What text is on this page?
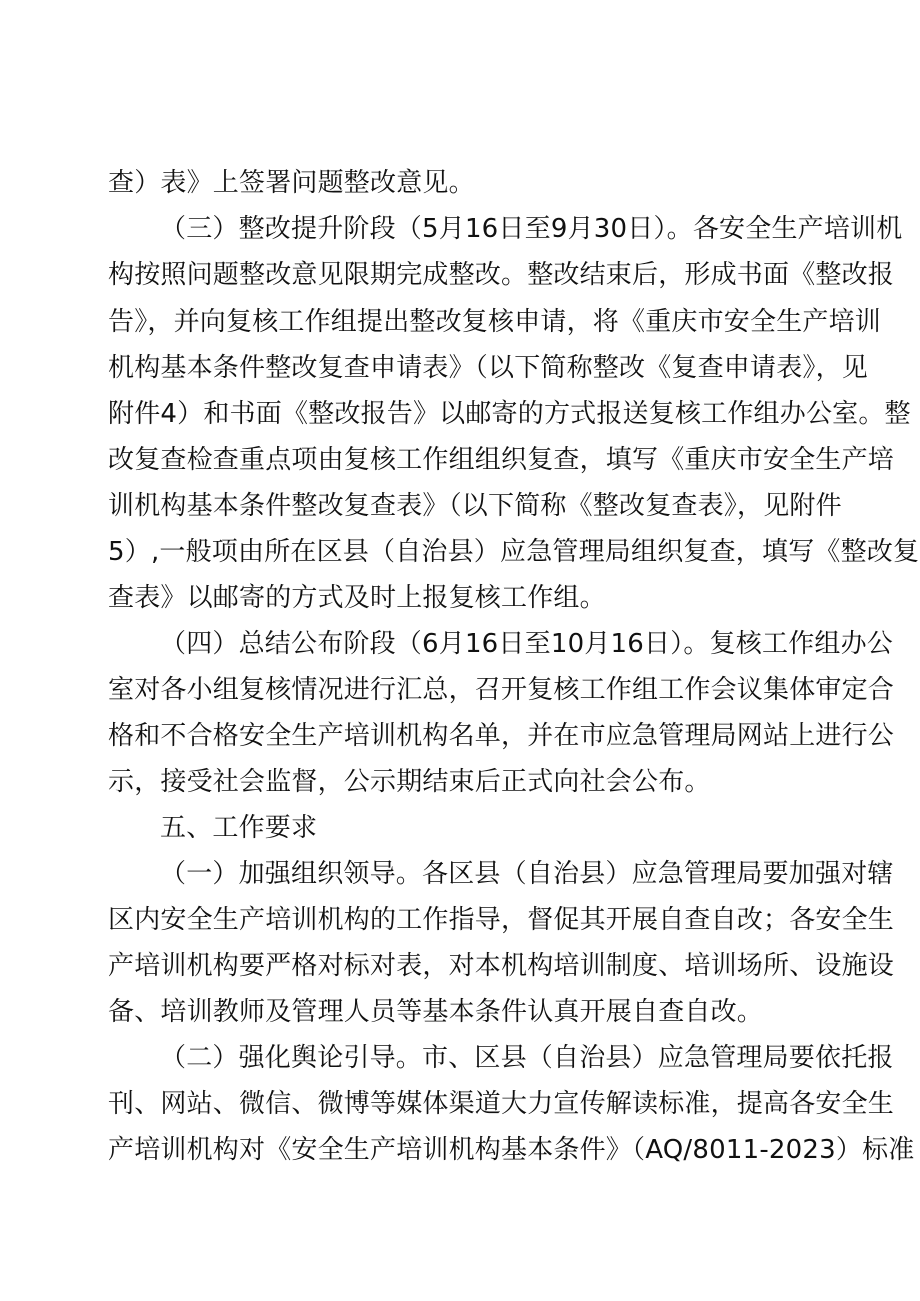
查）表》上签署问题整改意见。
（三）整改提升阶段（5月16日至9月30日）。各安全生产培训机
构按照问题整改意见限期完成整改。整改结束后，形成书面《整改报
告》，并向复核工作组提出整改复核申请，将《重庆市安全生产培训
机构基本条件整改复查申请表》（以下简称整改《复查申请表》，见
附件4）和书面《整改报告》以邮寄的方式报送复核工作组办公室。整
改复查检查重点项由复核工作组组织复查，填写《重庆市安全生产培
训机构基本条件整改复查表》（以下简称《整改复查表》，见附件
5）,一般项由所在区县（自治县）应急管理局组织复查，填写《整改复
查表》以邮寄的方式及时上报复核工作组。
（四）总结公布阶段（6月16日至10月16日）。复核工作组办公
室对各小组复核情况进行汇总，召开复核工作组工作会议集体审定合
格和不合格安全生产培训机构名单，并在市应急管理局网站上进行公
示，接受社会监督，公示期结束后正式向社会公布。
五、工作要求
（一）加强组织领导。各区县（自治县）应急管理局要加强对辖
区内安全生产培训机构的工作指导，督促其开展自查自改；各安全生
产培训机构要严格对标对表，对本机构培训制度、培训场所、设施设
备、培训教师及管理人员等基本条件认真开展自查自改。
（二）强化舆论引导。市、区县（自治县）应急管理局要依托报
刊、网站、微信、微博等媒体渠道大力宣传解读标准，提高各安全生
产培训机构对《安全生产培训机构基本条件》（AQ/8011-2023）标准
